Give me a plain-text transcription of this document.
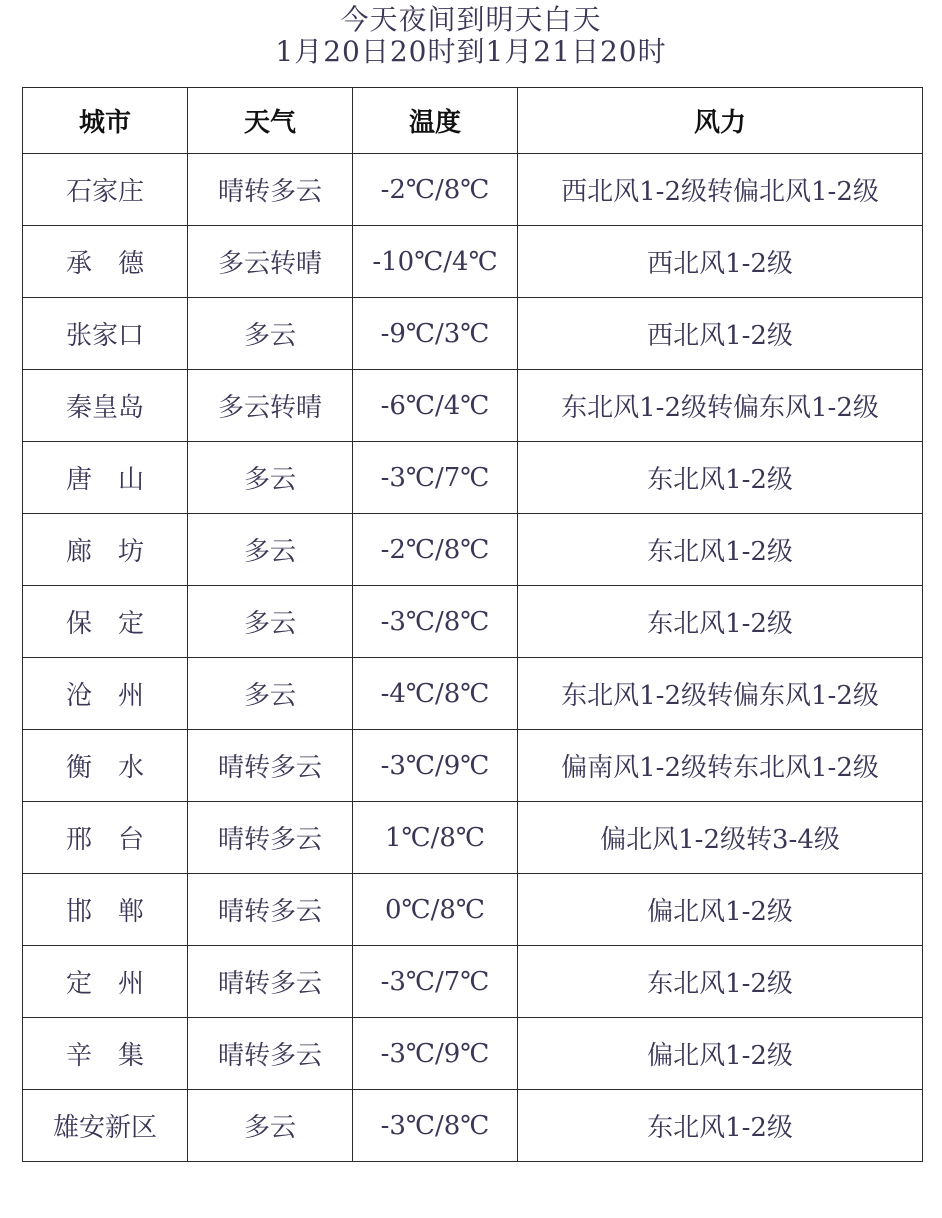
今天夜间到明天白天
1月20日20时到1月21日20时
城市	天气	温度	风力
石家庄	晴转多云	-2℃/8℃	西北风1-2级转偏北风1-2级
承　德	多云转晴	-10℃/4℃	西北风1-2级
张家口	多云	-9℃/3℃	西北风1-2级
秦皇岛	多云转晴	-6℃/4℃	东北风1-2级转偏东风1-2级
唐　山	多云	-3℃/7℃	东北风1-2级
廊　坊	多云	-2℃/8℃	东北风1-2级
保　定	多云	-3℃/8℃	东北风1-2级
沧　州	多云	-4℃/8℃	东北风1-2级转偏东风1-2级
衡　水	晴转多云	-3℃/9℃	偏南风1-2级转东北风1-2级
邢　台	晴转多云	1℃/8℃	偏北风1-2级转3-4级
邯　郸	晴转多云	0℃/8℃	偏北风1-2级
定　州	晴转多云	-3℃/7℃	东北风1-2级
辛　集	晴转多云	-3℃/9℃	偏北风1-2级
雄安新区	多云	-3℃/8℃	东北风1-2级
